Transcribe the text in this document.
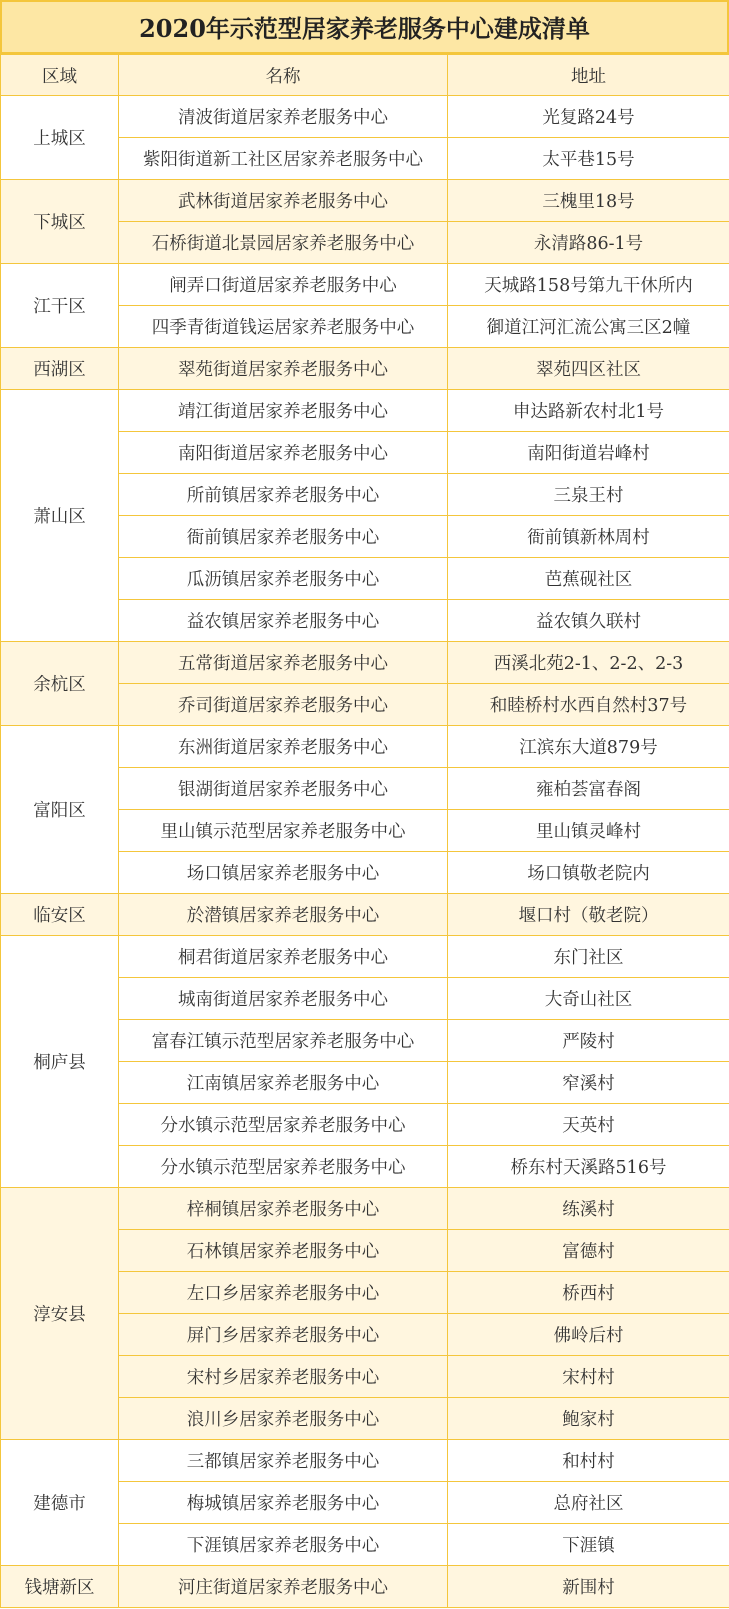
2020年示范型居家养老服务中心建成清单
区域	名称	地址
上城区	清波街道居家养老服务中心	光复路24号
	紫阳街道新工社区居家养老服务中心	太平巷15号
下城区	武林街道居家养老服务中心	三槐里18号
	石桥街道北景园居家养老服务中心	永清路86-1号
江干区	闸弄口街道居家养老服务中心	天城路158号第九干休所内
	四季青街道钱运居家养老服务中心	御道江河汇流公寓三区2幢
西湖区	翠苑街道居家养老服务中心	翠苑四区社区
萧山区	靖江街道居家养老服务中心	申达路新农村北1号
	南阳街道居家养老服务中心	南阳街道岩峰村
	所前镇居家养老服务中心	三泉王村
	衙前镇居家养老服务中心	衙前镇新林周村
	瓜沥镇居家养老服务中心	芭蕉砚社区
	益农镇居家养老服务中心	益农镇久联村
余杭区	五常街道居家养老服务中心	西溪北苑2-1、2-2、2-3
	乔司街道居家养老服务中心	和睦桥村水西自然村37号
富阳区	东洲街道居家养老服务中心	江滨东大道879号
	银湖街道居家养老服务中心	雍柏荟富春阁
	里山镇示范型居家养老服务中心	里山镇灵峰村
	场口镇居家养老服务中心	场口镇敬老院内
临安区	於潜镇居家养老服务中心	堰口村（敬老院）
桐庐县	桐君街道居家养老服务中心	东门社区
	城南街道居家养老服务中心	大奇山社区
	富春江镇示范型居家养老服务中心	严陵村
	江南镇居家养老服务中心	窄溪村
	分水镇示范型居家养老服务中心	天英村
	分水镇示范型居家养老服务中心	桥东村天溪路516号
淳安县	梓桐镇居家养老服务中心	练溪村
	石林镇居家养老服务中心	富德村
	左口乡居家养老服务中心	桥西村
	屏门乡居家养老服务中心	佛岭后村
	宋村乡居家养老服务中心	宋村村
	浪川乡居家养老服务中心	鲍家村
建德市	三都镇居家养老服务中心	和村村
	梅城镇居家养老服务中心	总府社区
	下涯镇居家养老服务中心	下涯镇
钱塘新区	河庄街道居家养老服务中心	新围村
